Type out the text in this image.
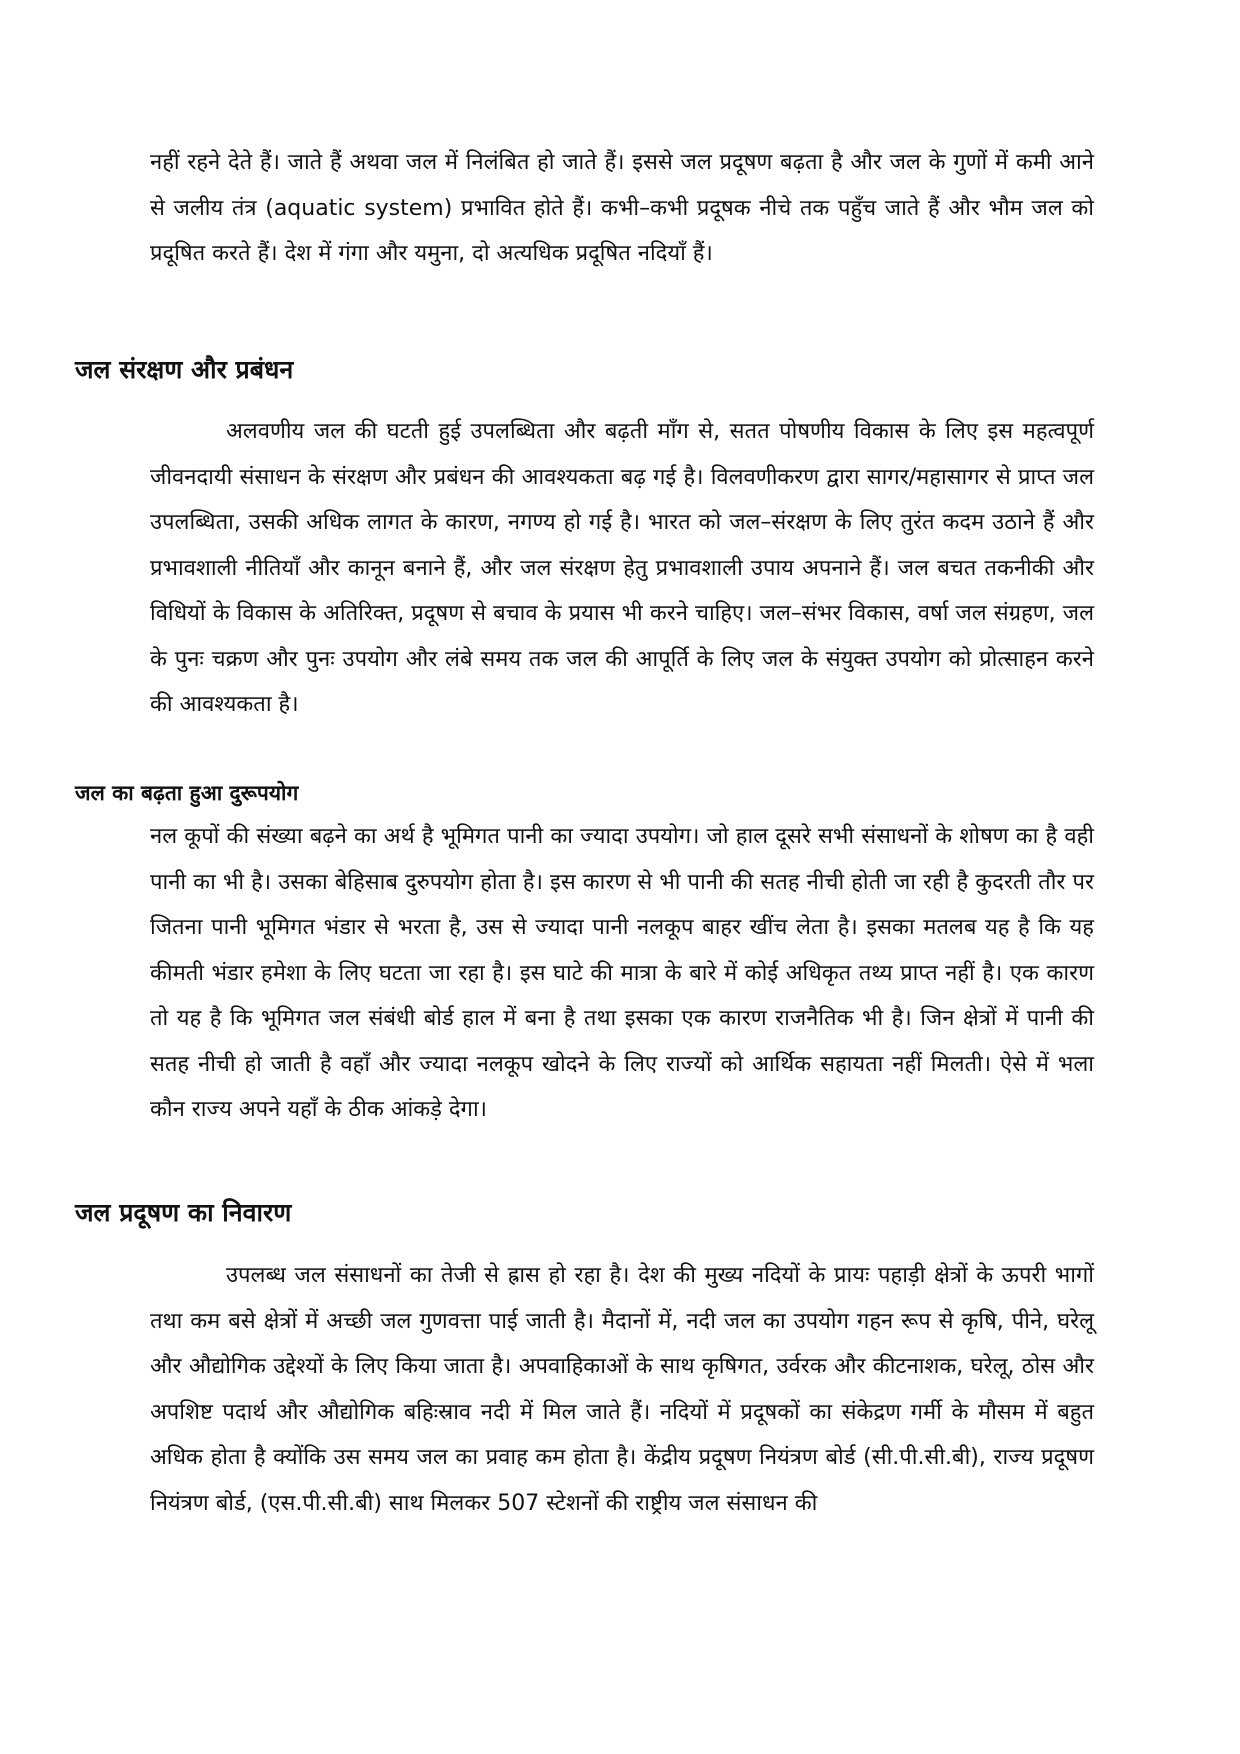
नहीं रहने देते हैं। जाते हैं अथवा जल में निलंबित हो जाते हैं। इससे जल प्रदूषण बढ़ता है और जल के गुणों में कमी आने से जलीय तंत्र (aquatic system) प्रभावित होते हैं। कभी–कभी प्रदूषक नीचे तक पहुँच जाते हैं और भौम जल को प्रदूषित करते हैं। देश में गंगा और यमुना, दो अत्यधिक प्रदूषित नदियाँ हैं।

जल संरक्षण और प्रबंधन

अलवणीय जल की घटती हुई उपलब्धिता और बढ़ती माँग से, सतत पोषणीय विकास के लिए इस महत्वपूर्ण जीवनदायी संसाधन के संरक्षण और प्रबंधन की आवश्यकता बढ़ गई है। विलवणीकरण द्वारा सागर/महासागर से प्राप्त जल उपलब्धिता, उसकी अधिक लागत के कारण, नगण्य हो गई है। भारत को जल–संरक्षण के लिए तुरंत कदम उठाने हैं और प्रभावशाली नीतियाँ और कानून बनाने हैं, और जल संरक्षण हेतु प्रभावशाली उपाय अपनाने हैं। जल बचत तकनीकी और विधियों के विकास के अतिरिक्त, प्रदूषण से बचाव के प्रयास भी करने चाहिए। जल–संभर विकास, वर्षा जल संग्रहण, जल के पुनः चक्रण और पुनः उपयोग और लंबे समय तक जल की आपूर्ति के लिए जल के संयुक्त उपयोग को प्रोत्साहन करने की आवश्यकता है।

जल का बढ़ता हुआ दुरूपयोग

नल कूपों की संख्या बढ़ने का अर्थ है भूमिगत पानी का ज्यादा उपयोग। जो हाल दूसरे सभी संसाधनों के शोषण का है वही पानी का भी है। उसका बेहिसाब दुरुपयोग होता है। इस कारण से भी पानी की सतह नीची होती जा रही है कुदरती तौर पर जितना पानी भूमिगत भंडार से भरता है, उस से ज्यादा पानी नलकूप बाहर खींच लेता है। इसका मतलब यह है कि यह कीमती भंडार हमेशा के लिए घटता जा रहा है। इस घाटे की मात्रा के बारे में कोई अधिकृत तथ्य प्राप्त नहीं है। एक कारण तो यह है कि भूमिगत जल संबंधी बोर्ड हाल में बना है तथा इसका एक कारण राजनैतिक भी है। जिन क्षेत्रों में पानी की सतह नीची हो जाती है वहाँ और ज्यादा नलकूप खोदने के लिए राज्यों को आर्थिक सहायता नहीं मिलती। ऐसे में भला कौन राज्य अपने यहाँ के ठीक आंकड़े देगा।

जल प्रदूषण का निवारण

उपलब्ध जल संसाधनों का तेजी से ह्रास हो रहा है। देश की मुख्य नदियों के प्रायः पहाड़ी क्षेत्रों के ऊपरी भागों तथा कम बसे क्षेत्रों में अच्छी जल गुणवत्ता पाई जाती है। मैदानों में, नदी जल का उपयोग गहन रूप से कृषि, पीने, घरेलू और औद्योगिक उद्देश्यों के लिए किया जाता है। अपवाहिकाओं के साथ कृषिगत, उर्वरक और कीटनाशक, घरेलू, ठोस और अपशिष्ट पदार्थ और औद्योगिक बहिःस्राव नदी में मिल जाते हैं। नदियों में प्रदूषकों का संकेद्रण गर्मी के मौसम में बहुत अधिक होता है क्योंकि उस समय जल का प्रवाह कम होता है। केंद्रीय प्रदूषण नियंत्रण बोर्ड (सी.पी.सी.बी), राज्य प्रदूषण नियंत्रण बोर्ड, (एस.पी.सी.बी) साथ मिलकर 507 स्टेशनों की राष्ट्रीय जल संसाधन की
